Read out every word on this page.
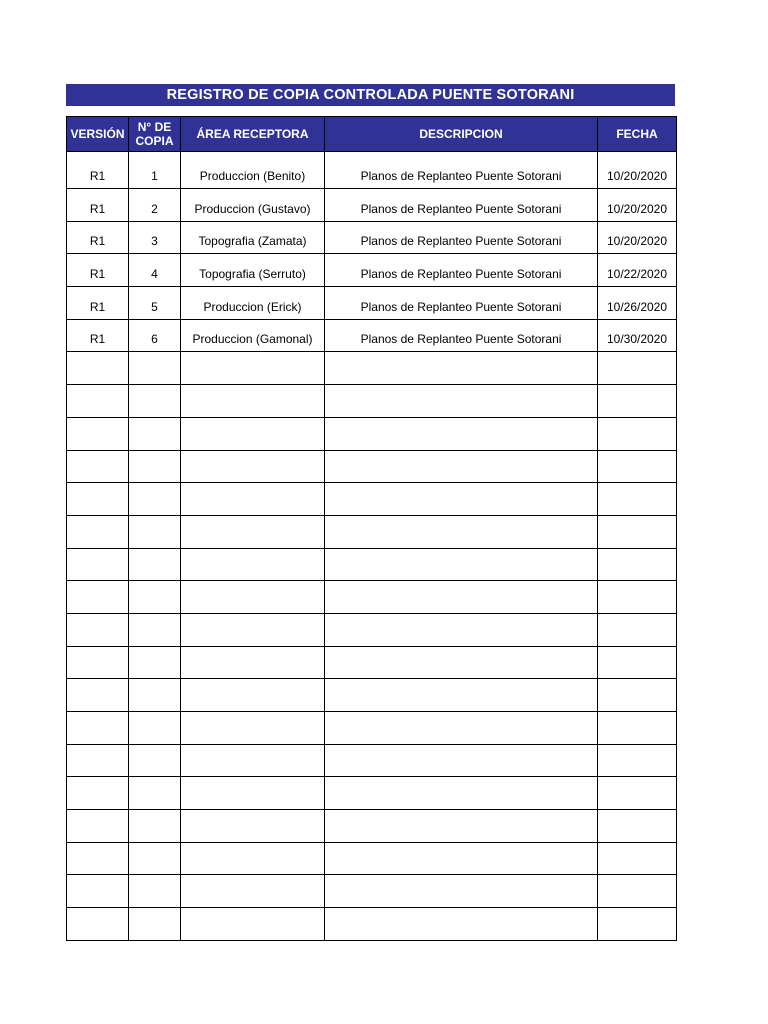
REGISTRO DE COPIA CONTROLADA PUENTE SOTORANI
VERSIÓN	N° DE COPIA	ÁREA RECEPTORA	DESCRIPCION	FECHA
R1	1	Produccion (Benito)	Planos de Replanteo Puente Sotorani	10/20/2020
R1	2	Produccion (Gustavo)	Planos de Replanteo Puente Sotorani	10/20/2020
R1	3	Topografia (Zamata)	Planos de Replanteo Puente Sotorani	10/20/2020
R1	4	Topografia (Serruto)	Planos de Replanteo Puente Sotorani	10/22/2020
R1	5	Produccion (Erick)	Planos de Replanteo Puente Sotorani	10/26/2020
R1	6	Produccion (Gamonal)	Planos de Replanteo Puente Sotorani	10/30/2020
